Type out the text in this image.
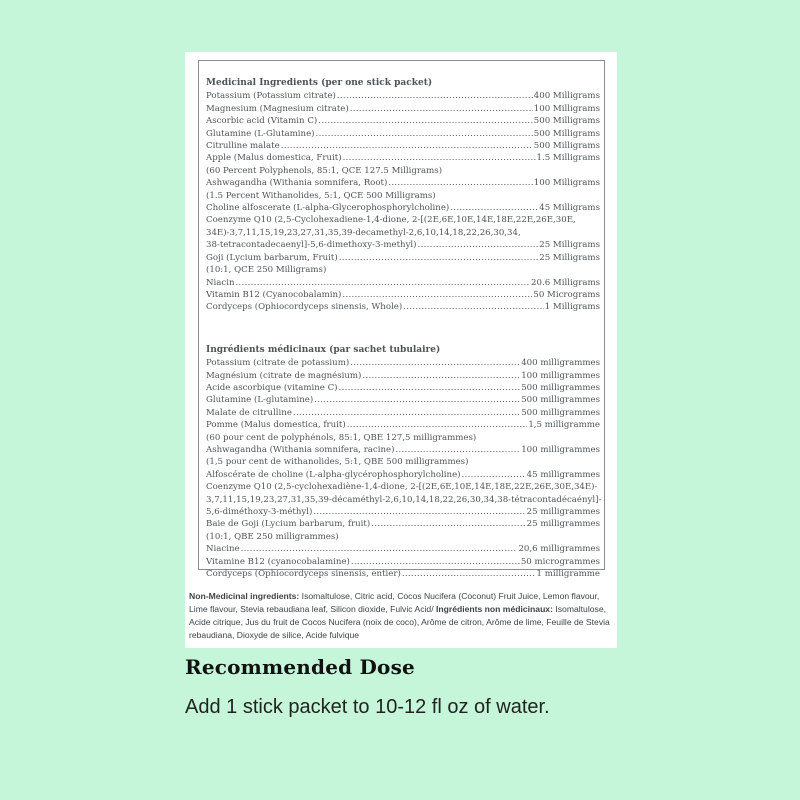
Medicinal Ingredients (per one stick packet)
Potassium (Potassium citrate) .....	400 Milligrams
Magnesium (Magnesium citrate) .....	100 Milligrams
Ascorbic acid (Vitamin C) .....	500 Milligrams
Glutamine (L-Glutamine) .....	500 Milligrams
Citrulline malate .....	500 Milligrams
Apple (Malus domestica, Fruit) .....	1.5 Milligrams
(60 Percent Polyphenols, 85:1, QCE 127.5 Milligrams)
Ashwagandha (Withania somnifera, Root) .....	100 Milligrams
(1.5 Percent Withanolides, 5:1, QCE 500 Milligrams)
Choline alfoscerate (L-alpha-Glycerophosphorylcholine) .....	45 Milligrams
Coenzyme Q10 (2,5-Cyclohexadiene-1,4-dione, 2-[(2E,6E,10E,14E,18E,22E,26E,30E,
34E)-3,7,11,15,19,23,27,31,35,39-decamethyl-2,6,10,14,18,22,26,30,34,
38-tetracontadecaenyl]-5,6-dimethoxy-3-methyl) .....	25 Milligrams
Goji (Lycium barbarum, Fruit) .....	25 Milligrams
(10:1, QCE 250 Milligrams)
Niacin .....	20.6 Milligrams
Vitamin B12 (Cyanocobalamin) .....	50 Micrograms
Cordyceps (Ophiocordyceps sinensis, Whole) .....	1 Milligrams
Ingrédients médicinaux (par sachet tubulaire)
Potassium (citrate de potassium) .....	400 milligrammes
Magnésium (citrate de magnésium) .....	100 milligrammes
Acide ascorbique (vitamine C) .....	500 milligrammes
Glutamine (L-glutamine) .....	500 milligrammes
Malate de citrulline .....	500 milligrammes
Pomme (Malus domestica, fruit) .....	1,5 milligramme
(60 pour cent de polyphénols, 85:1, QBE 127,5 milligrammes)
Ashwagandha (Withania somnifera, racine) .....	100 milligrammes
(1,5 pour cent de withanolides, 5:1, QBE 500 milligrammes)
Alfoscérate de choline (L-alpha-glycérophosphorylcholine) .....	45 milligrammes
Coenzyme Q10 (2,5-cyclohexadiène-1,4-dione, 2-[(2E,6E,10E,14E,18E,22E,26E,30E,34E)-
3,7,11,15,19,23,27,31,35,39-décaméthyl-2,6,10,14,18,22,26,30,34,38-tétracontadécaényl]-
5,6-diméthoxy-3-méthyl) .....	25 milligrammes
Baie de Goji (Lycium barbarum, fruit) .....	25 milligrammes
(10:1, QBE 250 milligrammes)
Niacine .....	20,6 milligrammes
Vitamine B12 (cyanocobalamine) .....	50 microgrammes
Cordyceps (Ophiocordyceps sinensis, entier) .....	1 milligramme
Non-Medicinal ingredients: Isomaltulose, Citric acid, Cocos Nucifera (Coconut) Fruit Juice, Lemon flavour, Lime flavour, Stevia rebaudiana leaf, Silicon dioxide, Fulvic Acid/ Ingrédients non médicinaux: Isomaltulose, Acide citrique, Jus du fruit de Cocos Nucifera (noix de coco), Arôme de citron, Arôme de lime, Feuille de Stevia rebaudiana, Dioxyde de silice, Acide fulvique
Recommended Dose
Add 1 stick packet to 10-12 fl oz of water.
